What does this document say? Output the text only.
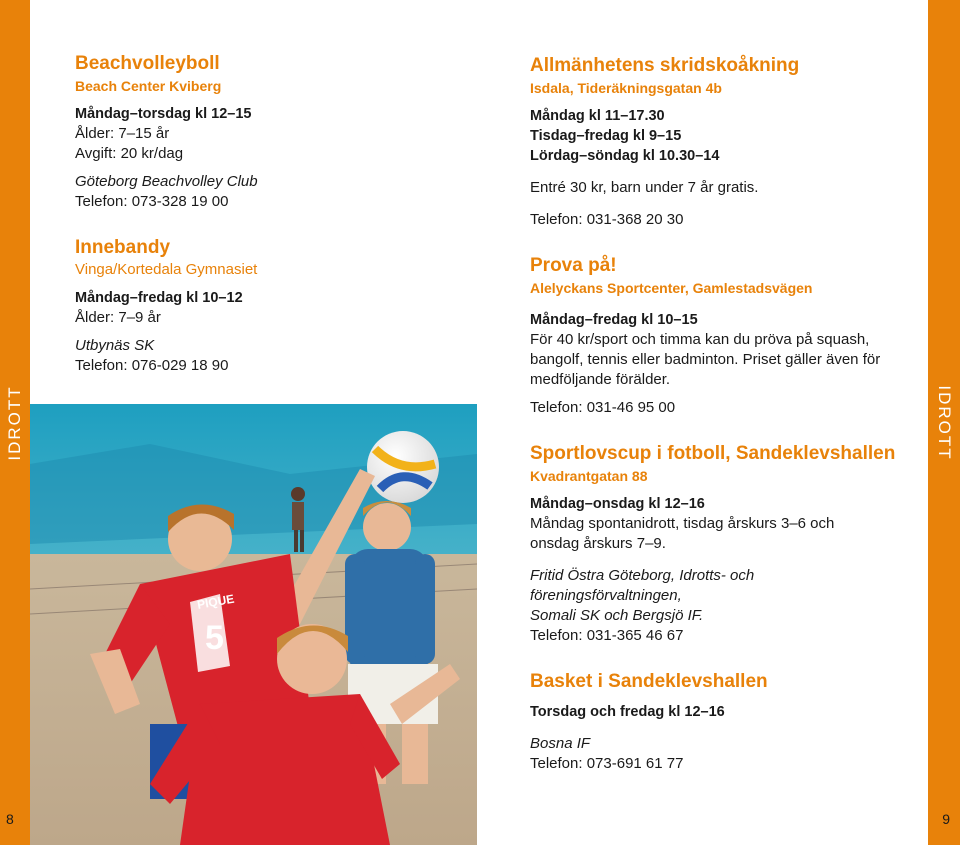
IDROTT	IDROTT
Beachvolleyboll
Beach Center Kviberg
Måndag–torsdag kl 12–15
Ålder: 7–15 år
Avgift: 20 kr/dag
Göteborg Beachvolley Club
Telefon: 073-328 19 00
Innebandy
Vinga/Kortedala Gymnasiet
Måndag–fredag kl 10–12
Ålder: 7–9 år
Utbynäs SK
Telefon: 076-029 18 90
5
PIQUE
Allmänhetens skridskoåkning
Isdala, Tideräkningsgatan 4b
Måndag kl 11–17.30
Tisdag–fredag kl 9–15
Lördag–söndag kl 10.30–14
Entré 30 kr, barn under 7 år gratis.
Telefon: 031-368 20 30
Prova på!
Alelyckans Sportcenter, Gamlestadsvägen
Måndag–fredag kl 10–15
För 40 kr/sport och timma kan du pröva på squash,
bangolf, tennis eller badminton. Priset gäller även för
medföljande förälder.
Telefon: 031-46 95 00
Sportlovscup i fotboll, Sandeklevshallen
Kvadrantgatan 88
Måndag–onsdag kl 12–16
Måndag spontanidrott, tisdag årskurs 3–6 och
onsdag årskurs 7–9.
Fritid Östra Göteborg, Idrotts- och föreningsförvaltningen,
Somali SK och Bergsjö IF.
Telefon: 031-365 46 67
Basket i Sandeklevshallen
Torsdag och fredag kl 12–16
Bosna IF
Telefon: 073-691 61 77
8	9
